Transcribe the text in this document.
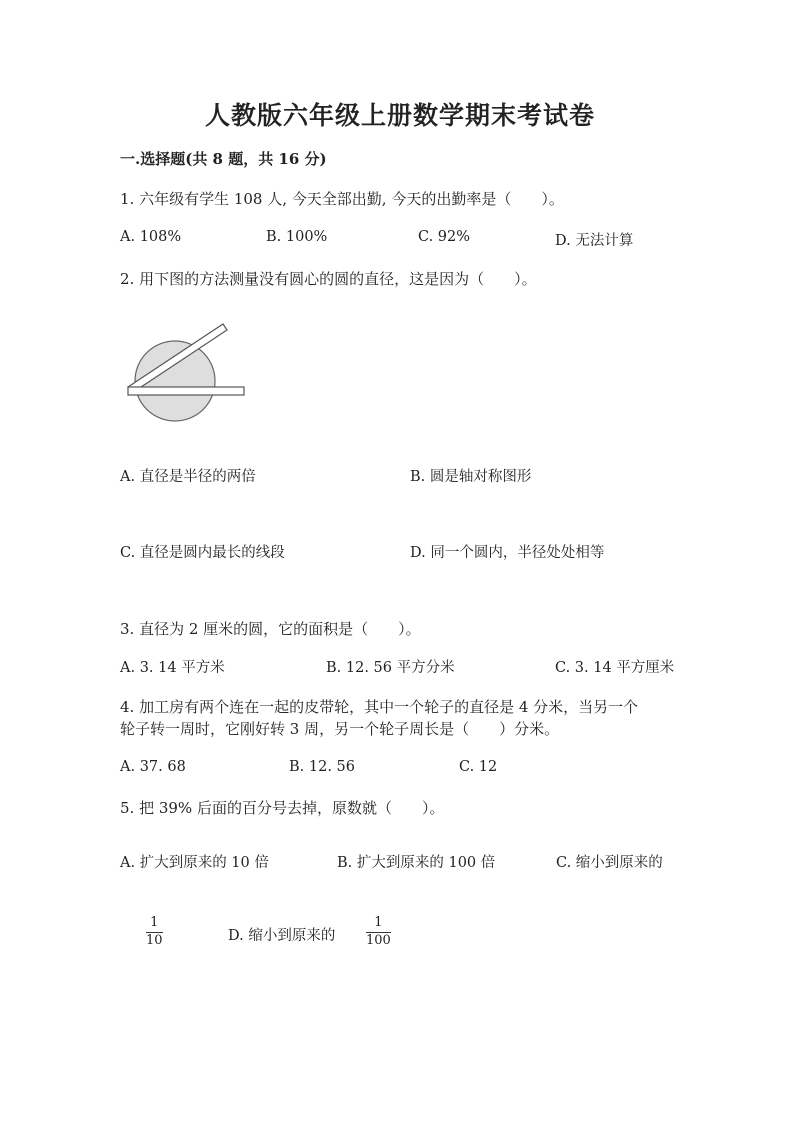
人教版六年级上册数学期末考试卷
一.选择题(共 8 题，共 16 分)
1. 六年级有学生 108 人, 今天全部出勤, 今天的出勤率是（　　）。
A. 108%	B. 100%	C. 92%	D. 无法计算
2. 用下图的方法测量没有圆心的圆的直径，这是因为（　　）。
A. 直径是半径的两倍	B. 圆是轴对称图形
C. 直径是圆内最长的线段	D. 同一个圆内，半径处处相等
3. 直径为 2 厘米的圆，它的面积是（　　）。
A. 3. 14 平方米	B. 12. 56 平方分米	C. 3. 14 平方厘米
4. 加工房有两个连在一起的皮带轮，其中一个轮子的直径是 4 分米，当另一个
轮子转一周时，它刚好转 3 周，另一个轮子周长是（　　）分米。
A. 37. 68	B. 12. 56	C. 12
5. 把 39% 后面的百分号去掉，原数就（　　）。
A. 扩大到原来的 10 倍	B. 扩大到原来的 100 倍	C. 缩小到原来的
1
10	D. 缩小到原来的
1
100
